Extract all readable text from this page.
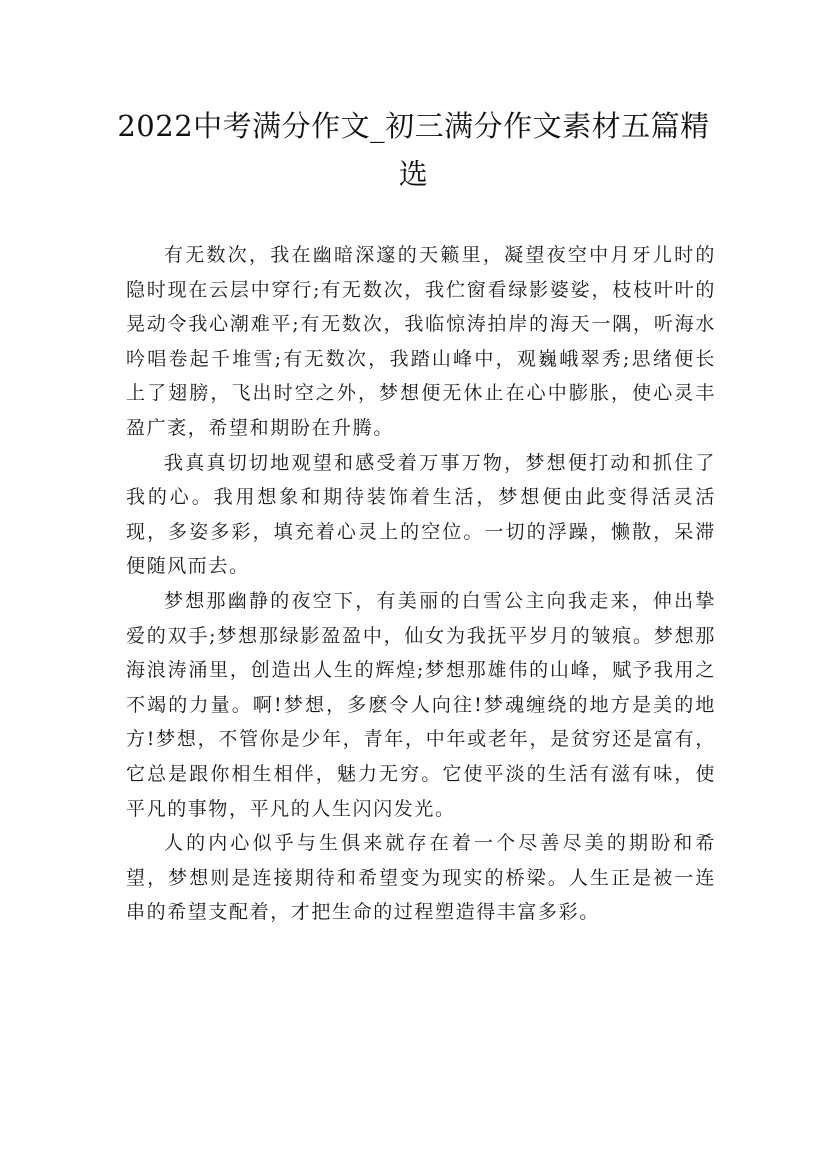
2022中考满分作文_初三满分作文素材五篇精选

有无数次，我在幽暗深邃的天籁里，凝望夜空中月牙儿时的隐时现在云层中穿行;有无数次，我伫窗看绿影婆娑，枝枝叶叶的晃动令我心潮难平;有无数次，我临惊涛拍岸的海天一隅，听海水吟唱卷起千堆雪;有无数次，我踏山峰中，观巍峨翠秀;思绪便长上了翅膀，飞出时空之外，梦想便无休止在心中膨胀，使心灵丰盈广袤，希望和期盼在升腾。

我真真切切地观望和感受着万事万物，梦想便打动和抓住了我的心。我用想象和期待装饰着生活，梦想便由此变得活灵活现，多姿多彩，填充着心灵上的空位。一切的浮躁，懒散，呆滞便随风而去。

梦想那幽静的夜空下，有美丽的白雪公主向我走来，伸出挚爱的双手;梦想那绿影盈盈中，仙女为我抚平岁月的皱痕。梦想那海浪涛涌里，创造出人生的辉煌;梦想那雄伟的山峰，赋予我用之不竭的力量。啊!梦想，多麽令人向往!梦魂缠绕的地方是美的地方!梦想，不管你是少年，青年，中年或老年，是贫穷还是富有，它总是跟你相生相伴，魅力无穷。它使平淡的生活有滋有味，使平凡的事物，平凡的人生闪闪发光。

人的内心似乎与生俱来就存在着一个尽善尽美的期盼和希望，梦想则是连接期待和希望变为现实的桥梁。人生正是被一连串的希望支配着，才把生命的过程塑造得丰富多彩。
